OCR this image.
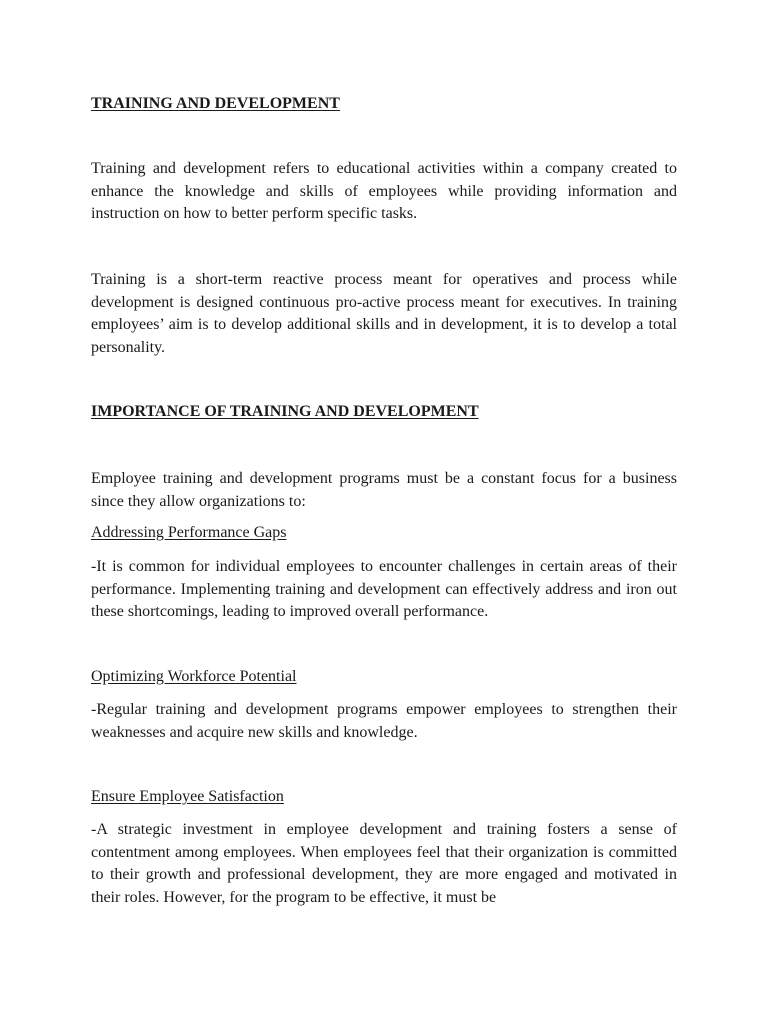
TRAINING AND DEVELOPMENT

Training and development refers to educational activities within a company created to enhance the knowledge and skills of employees while providing information and instruction on how to better perform specific tasks.

Training is a short-term reactive process meant for operatives and process while development is designed continuous pro-active process meant for executives. In training employees’ aim is to develop additional skills and in development, it is to develop a total personality.

IMPORTANCE OF TRAINING AND DEVELOPMENT

Employee training and development programs must be a constant focus for a business since they allow organizations to:

Addressing Performance Gaps

-It is common for individual employees to encounter challenges in certain areas of their performance. Implementing training and development can effectively address and iron out these shortcomings, leading to improved overall performance.

Optimizing Workforce Potential

-Regular training and development programs empower employees to strengthen their weaknesses and acquire new skills and knowledge.

Ensure Employee Satisfaction

-A strategic investment in employee development and training fosters a sense of contentment among employees. When employees feel that their organization is committed to their growth and professional development, they are more engaged and motivated in their roles. However, for the program to be effective, it must be
